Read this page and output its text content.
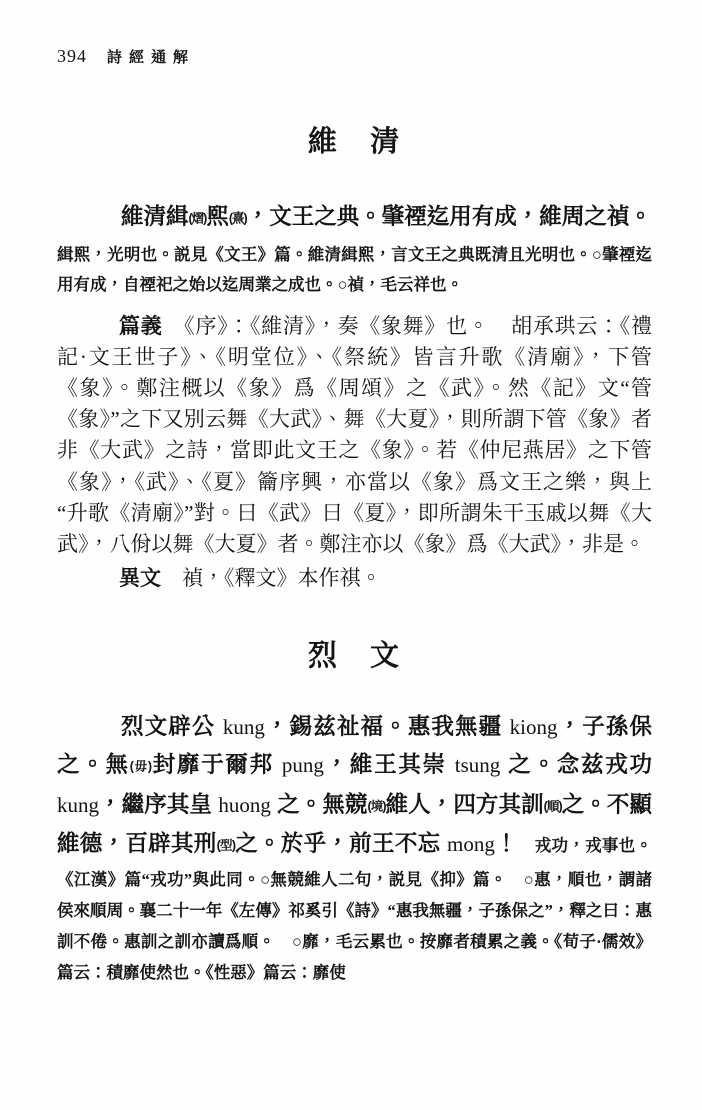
394 詩經通解
維　清

維清緝(熠)熙(熹)，文王之典。肇禋迄用有成，維周之禎。

緝熙，光明也。説見《文王》篇。維清緝熙，言文王之典既清且光明也。○肇禋迄用有成，自禋祀之始以迄周業之成也。○禎，毛云祥也。

篇義　《序》：《維清》，奏《象舞》也。　胡承珙云：《禮記·文王世子》、《明堂位》、《祭統》皆言升歌《清廟》，下管《象》。鄭注概以《象》爲《周頌》之《武》。然《記》文“管《象》”之下又別云舞《大武》、舞《大夏》，則所謂下管《象》者非《大武》之詩，當即此文王之《象》。若《仲尼燕居》之下管《象》，《武》、《夏》籥序興，亦當以《象》爲文王之樂，與上“升歌《清廟》”對。曰《武》曰《夏》，即所謂朱干玉戚以舞《大武》，八佾以舞《大夏》者。鄭注亦以《象》爲《大武》，非是。

異文　禎，《釋文》本作祺。

烈　文

烈文辟公 kung，錫兹祉福。惠我無疆 kiong，子孫保之。無(毋)封靡于爾邦 pung，維王其崇 tsung 之。念兹戎功 kung，繼序其皇 huong 之。無競(境)維人，四方其訓(順)之。不顯維德，百辟其刑(型)之。於乎，前王不忘 mong！　戎功，戎事也。《江漢》篇“戎功”與此同。○無競維人二句，説見《抑》篇。　○惠，順也，謂諸侯來順周。襄二十一年《左傳》祁奚引《詩》“惠我無疆，子孫保之”，釋之曰：惠訓不倦。惠訓之訓亦讀爲順。　○靡，毛云累也。按靡者積累之義。《荀子·儒效》篇云：積靡使然也。《性惡》篇云：靡使
